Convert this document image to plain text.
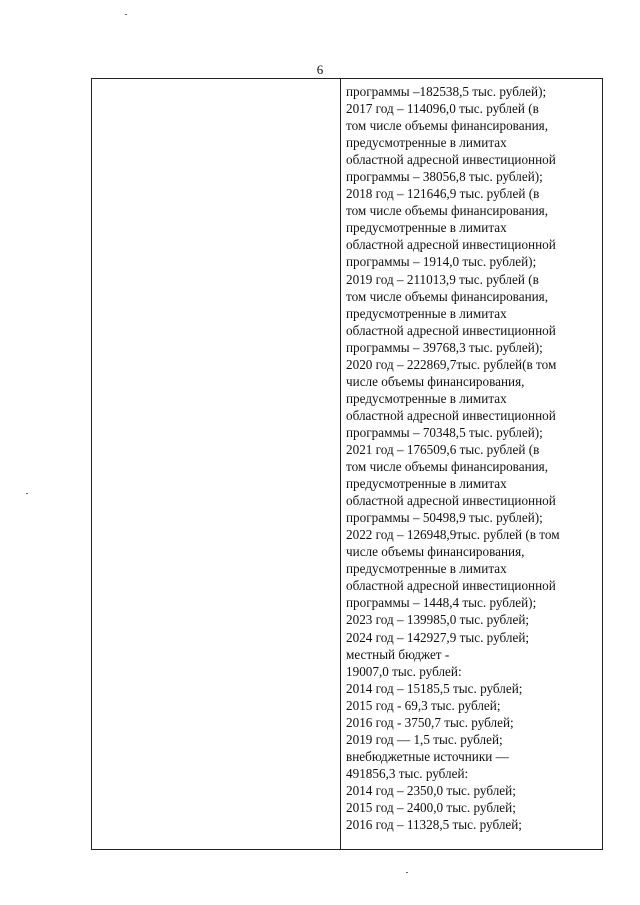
6
программы –182538,5 тыс. рублей);
2017 год – 114096,0 тыс. рублей (в
том числе объемы финансирования,
предусмотренные в лимитах
областной адресной инвестиционной
программы – 38056,8 тыс. рублей);
2018 год – 121646,9 тыс. рублей (в
том числе объемы финансирования,
предусмотренные в лимитах
областной адресной инвестиционной
программы – 1914,0 тыс. рублей);
2019 год – 211013,9 тыс. рублей (в
том числе объемы финансирования,
предусмотренные в лимитах
областной адресной инвестиционной
программы – 39768,3 тыс. рублей);
2020 год – 222869,7тыс. рублей(в том
числе объемы финансирования,
предусмотренные в лимитах
областной адресной инвестиционной
программы – 70348,5 тыс. рублей);
2021 год – 176509,6 тыс. рублей (в
том числе объемы финансирования,
предусмотренные в лимитах
областной адресной инвестиционной
программы – 50498,9 тыс. рублей);
2022 год – 126948,9тыс. рублей (в том
числе объемы финансирования,
предусмотренные в лимитах
областной адресной инвестиционной
программы – 1448,4 тыс. рублей);
2023 год – 139985,0 тыс. рублей;
2024 год – 142927,9 тыс. рублей;
местный бюджет -
19007,0 тыс. рублей:
2014 год – 15185,5 тыс. рублей;
2015 год - 69,3 тыс. рублей;
2016 год - 3750,7 тыс. рублей;
2019 год — 1,5 тыс. рублей;
внебюджетные источники —
491856,3 тыс. рублей:
2014 год – 2350,0 тыс. рублей;
2015 год – 2400,0 тыс. рублей;
2016 год – 11328,5 тыс. рублей;
